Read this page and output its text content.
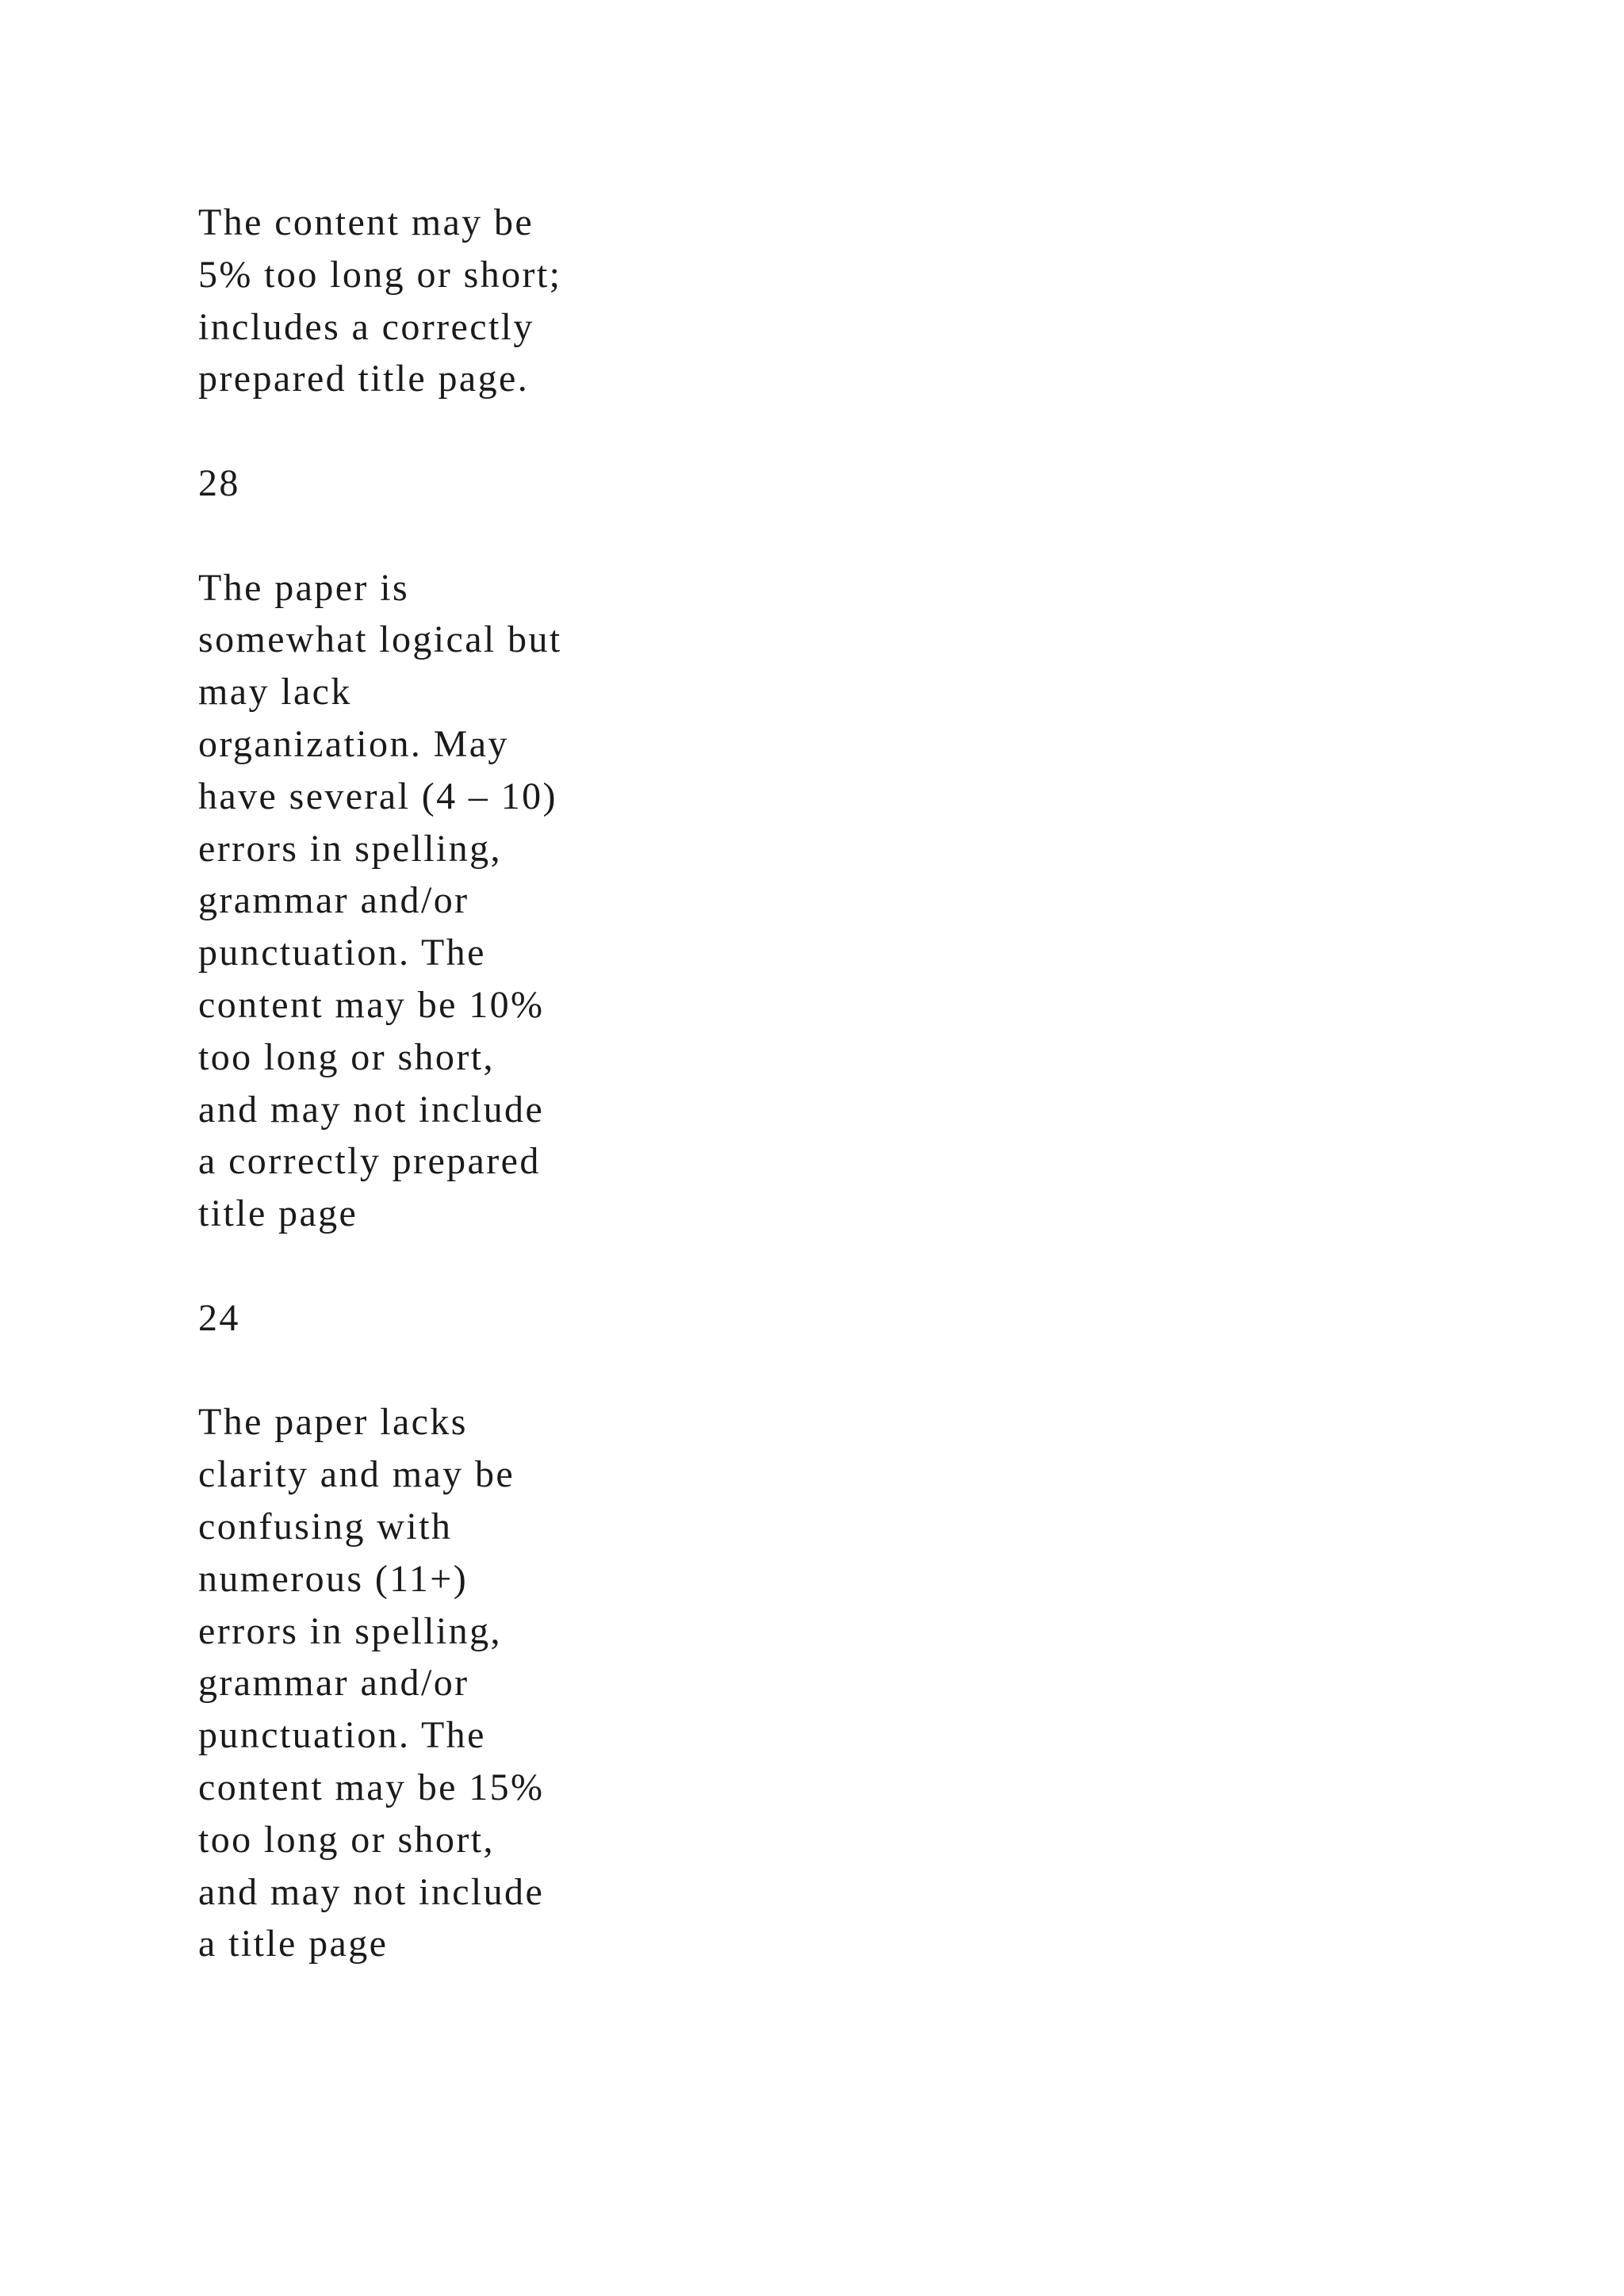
The content may be
5% too long or short;
includes a correctly
prepared title page.
28
The paper is
somewhat logical but
may lack
organization. May
have several (4 – 10)
errors in spelling,
grammar and/or
punctuation. The
content may be 10%
too long or short,
and may not include
a correctly prepared
title page
24
The paper lacks
clarity and may be
confusing with
numerous (11+)
errors in spelling,
grammar and/or
punctuation. The
content may be 15%
too long or short,
and may not include
a title page
